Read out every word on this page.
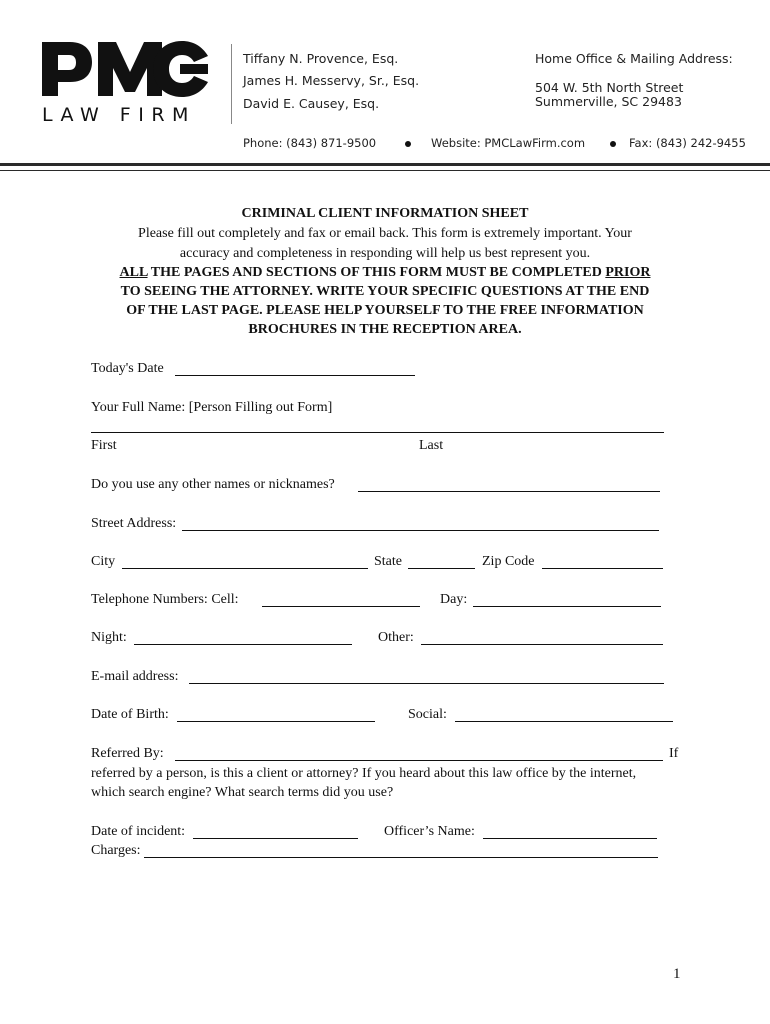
LAW FIRM
Tiffany N. Provence, Esq.
James H. Messervy, Sr., Esq.
David E. Causey, Esq.
Home Office & Mailing Address:
504 W. 5th North Street
Summerville, SC 29483
Phone: (843) 871-9500	Website: PMCLawFirm.com	Fax: (843) 242-9455
CRIMINAL CLIENT INFORMATION SHEET
Please fill out completely and fax or email back. This form is extremely important. Your
accuracy and completeness in responding will help us best represent you.
ALL THE PAGES AND SECTIONS OF THIS FORM MUST BE COMPLETED PRIOR
TO SEEING THE ATTORNEY. WRITE YOUR SPECIFIC QUESTIONS AT THE END
OF THE LAST PAGE. PLEASE HELP YOURSELF TO THE FREE INFORMATION
BROCHURES IN THE RECEPTION AREA.
Today's Date
Your Full Name: [Person Filling out Form]
First	Last
Do you use any other names or nicknames?
Street Address:
City	State	Zip Code
Telephone Numbers: Cell:	Day:
Night:	Other:
E-mail address:
Date of Birth:	Social:
Referred By:	If
referred by a person, is this a client or attorney? If you heard about this law office by the internet,
which search engine? What search terms did you use?
Date of incident:	Officer’s Name:
Charges:
1
